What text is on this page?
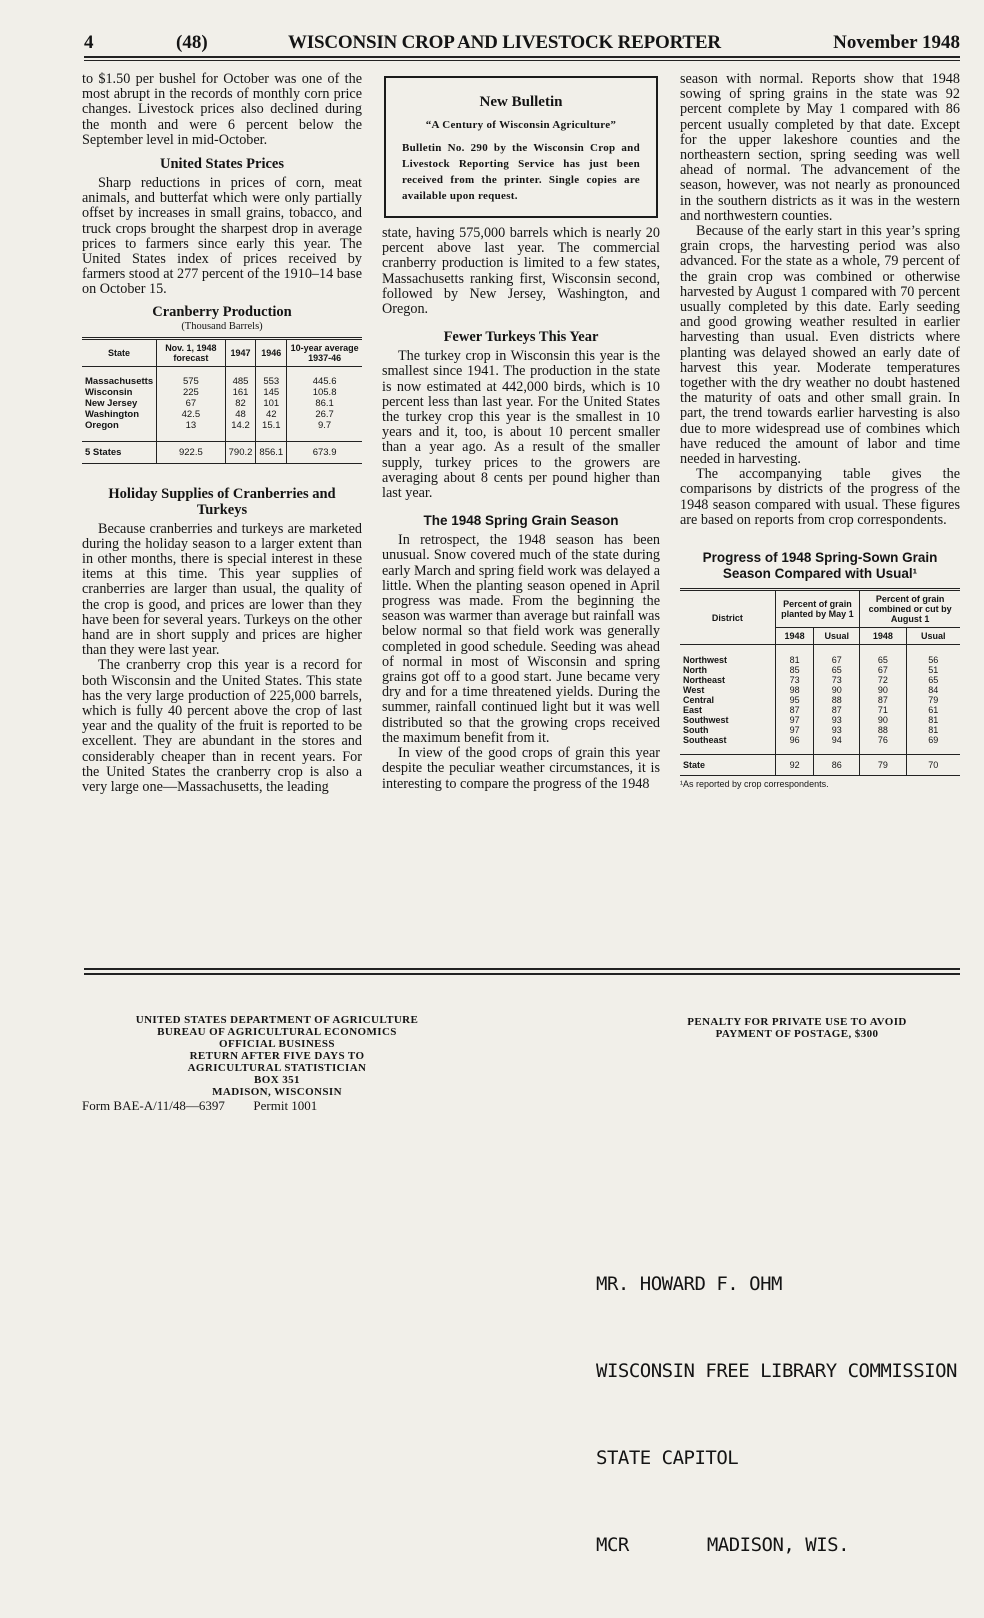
4	(48)	WISCONSIN CROP AND LIVESTOCK REPORTER	November 1948

to $1.50 per bushel for October was one of the most abrupt in the records of monthly corn price changes. Livestock prices also declined during the month and were 6 percent below the September level in mid-October.

United States Prices

Sharp reductions in prices of corn, meat animals, and butterfat which were only partially offset by increases in small grains, tobacco, and truck crops brought the sharpest drop in average prices to farmers since early this year. The United States index of prices received by farmers stood at 277 percent of the 1910–14 base on October 15.

Cranberry Production
(Thousand Barrels)
State	Nov. 1, 1948 forecast	1947	1946	10-year average 1937-46

Massachusetts	575	485	553	445.6
Wisconsin	225	161	145	105.8
New Jersey	67	82	101	86.1
Washington	42.5	48	42	26.7
Oregon	13	14.2	15.1	9.7

5 States	922.5	790.2	856.1	673.9
Holiday Supplies of Cranberries and Turkeys

Because cranberries and turkeys are marketed during the holiday season to a larger extent than in other months, there is special interest in these items at this time. This year supplies of cranberries are larger than usual, the quality of the crop is good, and prices are lower than they have been for several years. Turkeys on the other hand are in short supply and prices are higher than they were last year.

The cranberry crop this year is a record for both Wisconsin and the United States. This state has the very large production of 225,000 barrels, which is fully 40 percent above the crop of last year and the quality of the fruit is reported to be excellent. They are abundant in the stores and considerably cheaper than in recent years. For the United States the cranberry crop is also a very large one—Massachusetts, the leading

New Bulletin
“A Century of Wisconsin Agriculture”
Bulletin No. 290 by the Wisconsin Crop and Livestock Reporting Service has just been received from the printer. Single copies are available upon request.

state, having 575,000 barrels which is nearly 20 percent above last year. The commercial cranberry production is limited to a few states, Massachusetts ranking first, Wisconsin second, followed by New Jersey, Washington, and Oregon.

Fewer Turkeys This Year

The turkey crop in Wisconsin this year is the smallest since 1941. The production in the state is now estimated at 442,000 birds, which is 10 percent less than last year. For the United States the turkey crop this year is the smallest in 10 years and it, too, is about 10 percent smaller than a year ago. As a result of the smaller supply, turkey prices to the growers are averaging about 8 cents per pound higher than last year.

The 1948 Spring Grain Season

In retrospect, the 1948 season has been unusual. Snow covered much of the state during early March and spring field work was delayed a little. When the planting season opened in April progress was made. From the beginning the season was warmer than average but rainfall was below normal so that field work was generally completed in good schedule. Seeding was ahead of normal in most of Wisconsin and spring grains got off to a good start. June became very dry and for a time threatened yields. During the summer, rainfall continued light but it was well distributed so that the growing crops received the maximum benefit from it.

In view of the good crops of grain this year despite the peculiar weather circumstances, it is interesting to compare the progress of the 1948

season with normal. Reports show that 1948 sowing of spring grains in the state was 92 percent complete by May 1 compared with 86 percent usually completed by that date. Except for the upper lakeshore counties and the northeastern section, spring seeding was well ahead of normal. The advancement of the season, however, was not nearly as pronounced in the southern districts as it was in the western and northwestern counties.

Because of the early start in this year’s spring grain crops, the harvesting period was also advanced. For the state as a whole, 79 percent of the grain crop was combined or otherwise harvested by August 1 compared with 70 percent usually completed by this date. Early seeding and good growing weather resulted in earlier harvesting than usual. Even districts where planting was delayed showed an early date of harvest this year. Moderate temperatures together with the dry weather no doubt hastened the maturity of oats and other small grain. In part, the trend towards earlier harvesting is also due to more widespread use of combines which have reduced the amount of labor and time needed in harvesting.

The accompanying table gives the comparisons by districts of the progress of the 1948 season compared with usual. These figures are based on reports from crop correspondents.

Progress of 1948 Spring-Sown Grain Season Compared with Usual¹
District	Percent of grain planted by May 1		Percent of grain combined or cut by August 1	
	1948	Usual	1948	Usual

Northwest	81	67	65	56
North	85	65	67	51
Northeast	73	73	72	65
West	98	90	90	84
Central	95	88	87	79
East	87	87	71	61
Southwest	97	93	90	81
South	97	93	88	81
Southeast	96	94	76	69

State	92	86	79	70
¹As reported by crop correspondents.
UNITED STATES DEPARTMENT OF AGRICULTURE
BUREAU OF AGRICULTURAL ECONOMICS
OFFICIAL BUSINESS
RETURN AFTER FIVE DAYS TO
AGRICULTURAL STATISTICIAN
BOX 351
MADISON, WISCONSIN
Form BAE-A/11/48—6397 Permit 1001
PENALTY FOR PRIVATE USE TO AVOID
PAYMENT OF POSTAGE, $300

MR. HOWARD F. OHM

WISCONSIN FREE LIBRARY COMMISSION

STATE CAPITOL

MCR	MADISON, WIS.
